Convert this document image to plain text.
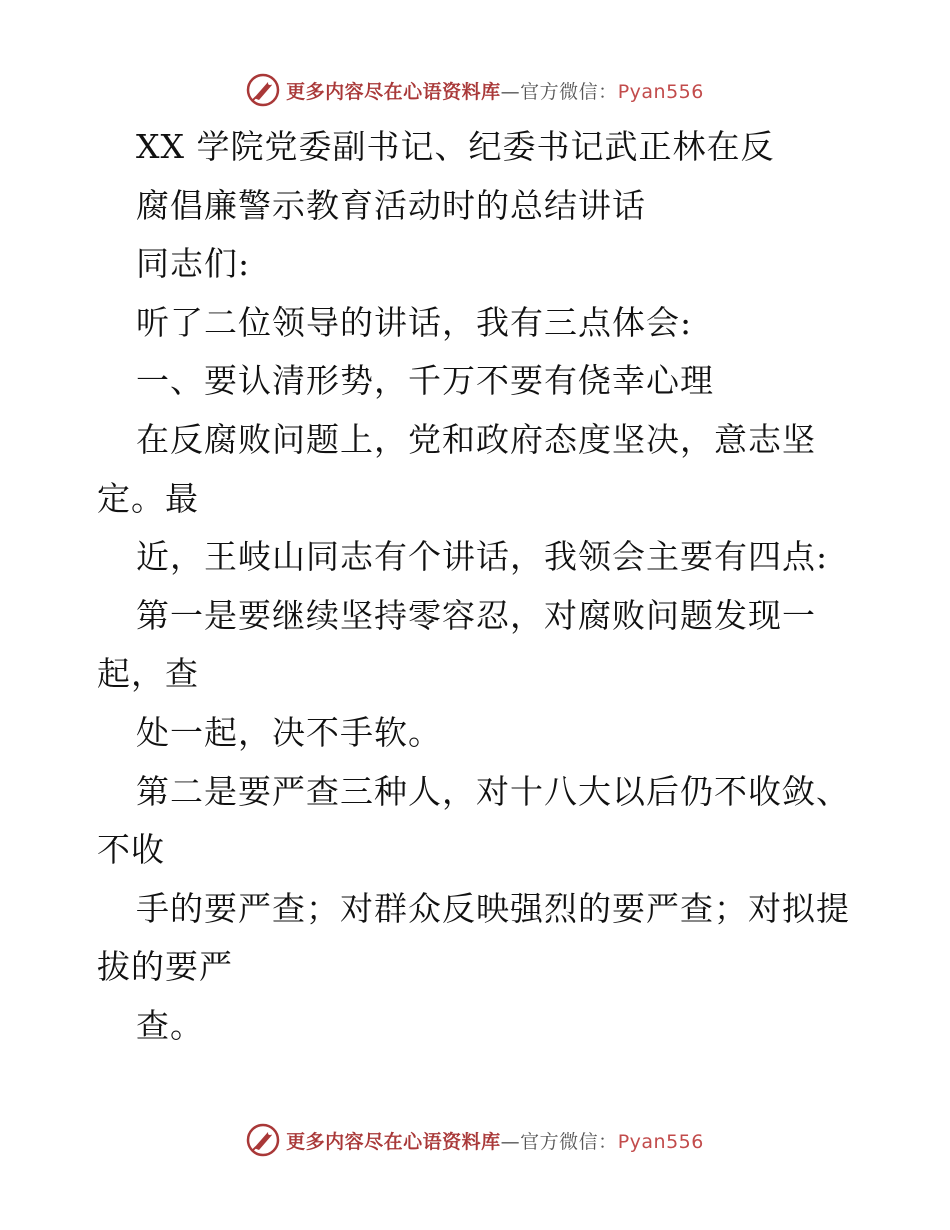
更多内容尽在心语资料库—官方微信：Pyan556
XX 学院党委副书记、纪委书记武正林在反
腐倡廉警示教育活动时的总结讲话
同志们:
听了二位领导的讲话，我有三点体会:
一、要认清形势，千万不要有侥幸心理
在反腐败问题上，党和政府态度坚决，意志坚
定。最
近，王岐山同志有个讲话，我领会主要有四点:
第一是要继续坚持零容忍，对腐败问题发现一
起，查
处一起，决不手软。
第二是要严查三种人，对十八大以后仍不收敛、
不收
手的要严查；对群众反映强烈的要严查；对拟提
拔的要严
查。
更多内容尽在心语资料库—官方微信：Pyan556
